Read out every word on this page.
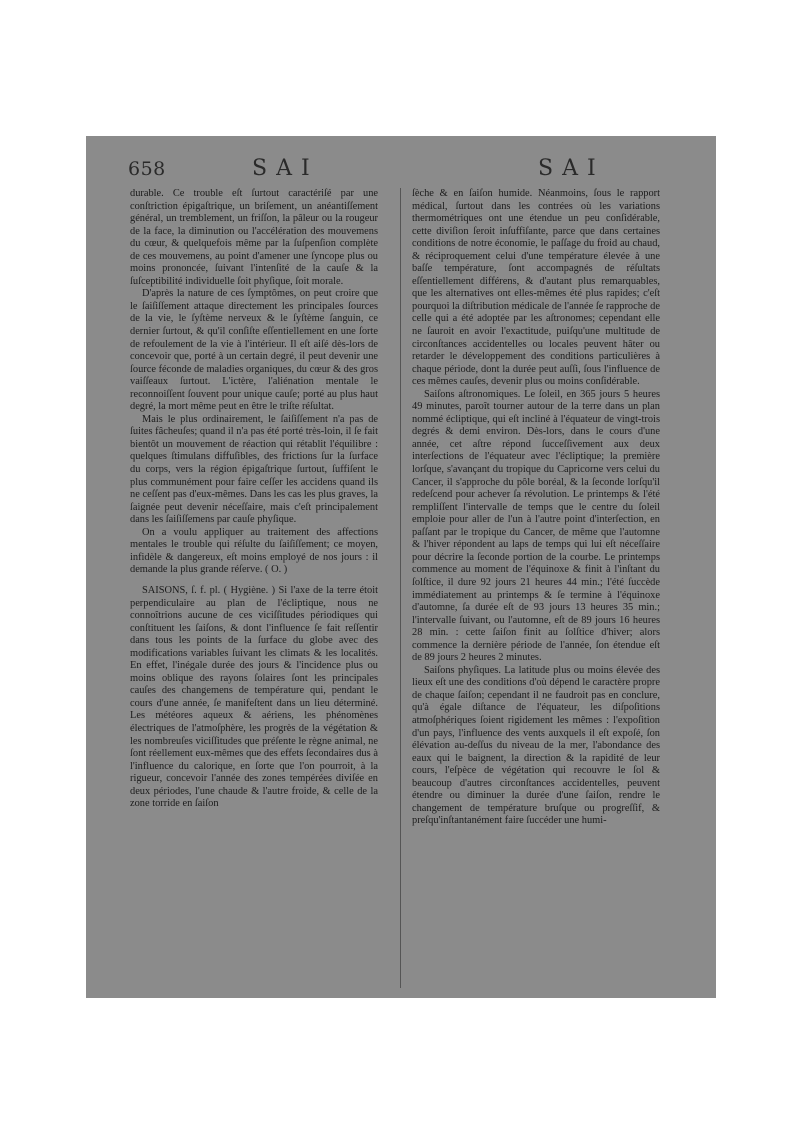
658	SAI	SAI

durable. Ce trouble eſt ſurtout caractériſé par une conſtriction épigaſtrique, un briſement, un anéantiſſement général, un tremblement, un friſſon, la pâleur ou la rougeur de la face, la diminution ou l'accélération des mouvemens du cœur, & quelquefois même par la ſuſpenſion complète de ces mouvemens, au point d'amener une ſyncope plus ou moins prononcée, ſuivant l'intenſité de la cauſe & la ſuſceptibilité individuelle ſoit phyſique, ſoit morale.

D'après la nature de ces ſymptômes, on peut croire que le ſaiſiſſement attaque directement les principales ſources de la vie, le ſyſtème nerveux & le ſyſtème ſanguin, ce dernier ſurtout, & qu'il conſiſte eſſentiellement en une ſorte de refoulement de la vie à l'intérieur. Il eſt aiſé dès-lors de concevoir que, porté à un certain degré, il peut devenir une ſource féconde de maladies organiques, du cœur & des gros vaiſſeaux ſurtout. L'ictère, l'aliénation mentale le reconnoiſſent ſouvent pour unique cauſe; porté au plus haut degré, la mort même peut en être le triſte réſultat.

Mais le plus ordinairement, le ſaiſiſſement n'a pas de ſuites fâcheuſes; quand il n'a pas été porté très-loin, il ſe fait bientôt un mouvement de réaction qui rétablit l'équilibre : quelques ſtimulans diffuſibles, des frictions ſur la ſurface du corps, vers la région épigaſtrique ſurtout, ſuffiſent le plus communément pour faire ceſſer les accidens quand ils ne ceſſent pas d'eux-mêmes. Dans les cas les plus graves, la ſaignée peut devenir néceſſaire, mais c'eſt principalement dans les ſaiſiſſemens par cauſe phyſique.

On a voulu appliquer au traitement des affections mentales le trouble qui réſulte du ſaiſiſſement; ce moyen, infidèle & dangereux, eſt moins employé de nos jours : il demande la plus grande réſerve. ( O. )

SAISONS, ſ. f. pl. ( Hygiène. ) Si l'axe de la terre étoit perpendiculaire au plan de l'écliptique, nous ne connoîtrions aucune de ces viciſſitudes périodiques qui conſtituent les ſaiſons, & dont l'influence ſe fait reſſentir dans tous les points de la ſurface du globe avec des modifications variables ſuivant les climats & les localités. En effet, l'inégale durée des jours & l'incidence plus ou moins oblique des rayons ſolaires ſont les principales cauſes des changemens de température qui, pendant le cours d'une année, ſe manifeſtent dans un lieu déterminé. Les météores aqueux & aériens, les phénomènes électriques de l'atmoſphère, les progrès de la végétation & les nombreuſes viciſſitudes que préſente le règne animal, ne ſont réellement eux-mêmes que des effets ſecondaires dus à l'influence du calorique, en ſorte que l'on pourroit, à la rigueur, concevoir l'année des zones tempérées diviſée en deux périodes, l'une chaude & l'autre froide, & celle de la zone torride en ſaiſon

ſèche & en ſaiſon humide. Néanmoins, ſous le rapport médical, ſurtout dans les contrées où les variations thermométriques ont une étendue un peu conſidérable, cette diviſion ſeroit inſuffiſante, parce que dans certaines conditions de notre économie, le paſſage du froid au chaud, & réciproquement celui d'une température élevée à une baſſe température, ſont accompagnés de réſultats eſſentiellement différens, & d'autant plus remarquables, que les alternatives ont elles-mêmes été plus rapides; c'eſt pourquoi la diſtribution médicale de l'année ſe rapproche de celle qui a été adoptée par les aſtronomes; cependant elle ne ſauroit en avoir l'exactitude, puiſqu'une multitude de circonſtances accidentelles ou locales peuvent hâter ou retarder le développement des conditions particulières à chaque période, dont la durée peut auſſi, ſous l'influence de ces mêmes cauſes, devenir plus ou moins conſidérable.

Saiſons aſtronomiques. Le ſoleil, en 365 jours 5 heures 49 minutes, paroît tourner autour de la terre dans un plan nommé écliptique, qui eſt incliné à l'équateur de vingt-trois degrés & demi environ. Dès-lors, dans le cours d'une année, cet aſtre répond ſucceſſivement aux deux interſections de l'équateur avec l'écliptique; la première lorſque, s'avançant du tropique du Capricorne vers celui du Cancer, il s'approche du pôle boréal, & la ſeconde lorſqu'il redeſcend pour achever ſa révolution. Le printemps & l'été rempliſſent l'intervalle de temps que le centre du ſoleil emploie pour aller de l'un à l'autre point d'interſection, en paſſant par le tropique du Cancer, de même que l'automne & l'hiver répondent au laps de temps qui lui eſt néceſſaire pour décrire la ſeconde portion de la courbe. Le printemps commence au moment de l'équinoxe & finit à l'inſtant du ſolſtice, il dure 92 jours 21 heures 44 min.; l'été ſuccède immédiatement au printemps & ſe termine à l'équinoxe d'automne, ſa durée eſt de 93 jours 13 heures 35 min.; l'intervalle ſuivant, ou l'automne, eſt de 89 jours 16 heures 28 min. : cette ſaiſon finit au ſolſtice d'hiver; alors commence la dernière période de l'année, ſon étendue eſt de 89 jours 2 heures 2 minutes.

Saiſons phyſiques. La latitude plus ou moins élevée des lieux eſt une des conditions d'où dépend le caractère propre de chaque ſaiſon; cependant il ne faudroit pas en conclure, qu'à égale diſtance de l'équateur, les diſpoſitions atmoſphériques ſoient rigidement les mêmes : l'expoſition d'un pays, l'influence des vents auxquels il eſt expoſé, ſon élévation au-deſſus du niveau de la mer, l'abondance des eaux qui le baignent, la direction & la rapidité de leur cours, l'eſpèce de végétation qui recouvre le ſol & beaucoup d'autres circonſtances accidentelles, peuvent étendre ou diminuer la durée d'une ſaiſon, rendre le changement de température bruſque ou progreſſif, & preſqu'inſtantanément faire ſuccéder une humi-
